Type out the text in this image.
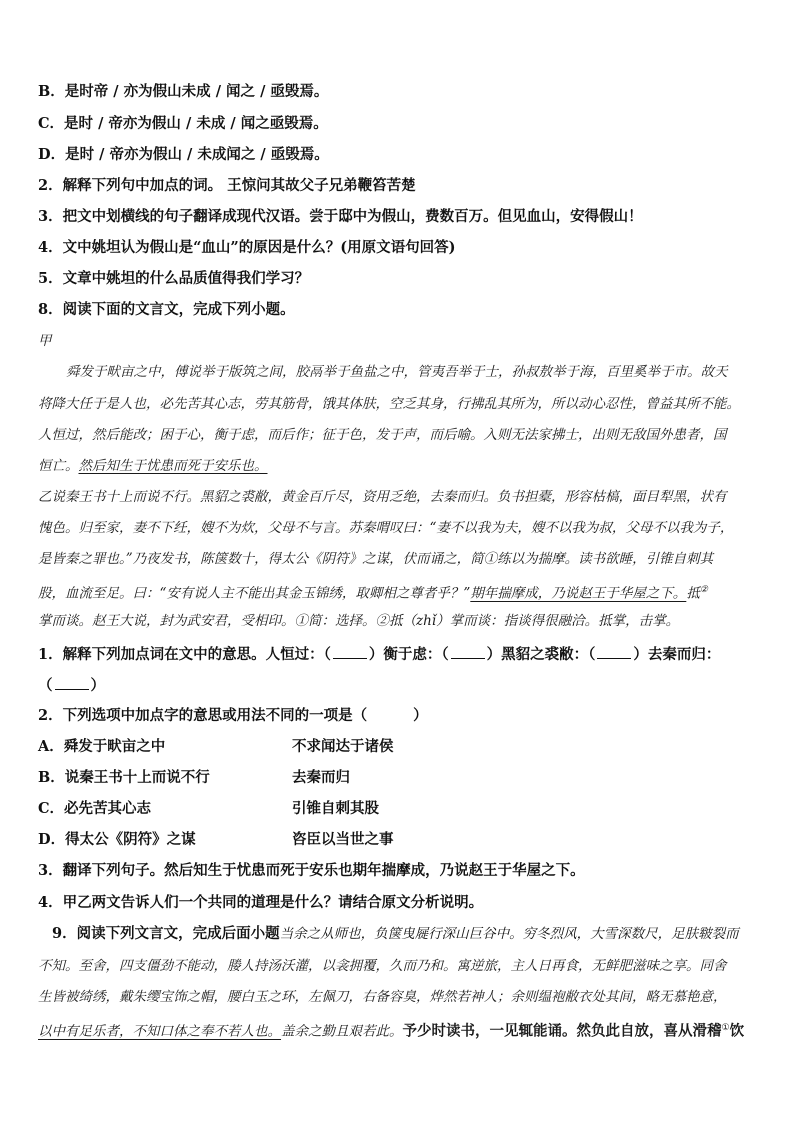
B．是时帝 / 亦为假山未成 / 闻之 / 亟毁焉。
C．是时 / 帝亦为假山 / 未成 / 闻之亟毁焉。
D．是时 / 帝亦为假山 / 未成闻之 / 亟毁焉。
2．解释下列句中加点的词。 王惊问其故父子兄弟鞭笞苦楚
3．把文中划横线的句子翻译成现代汉语。尝于邸中为假山，费数百万。但见血山，安得假山！
4．文中姚坦认为假山是“血山”的原因是什么？(用原文语句回答)
5．文章中姚坦的什么品质值得我们学习？
8．阅读下面的文言文，完成下列小题。
甲
舜发于畎亩之中，傅说举于版筑之间，胶鬲举于鱼盐之中，管夷吾举于士，孙叔敖举于海，百里奚举于市。故天
将降大任于是人也，必先苦其心志，劳其筋骨，饿其体肤，空乏其身，行拂乱其所为，所以动心忍性，曾益其所不能。
人恒过，然后能改；困于心，衡于虑，而后作；征于色，发于声，而后喻。入则无法家拂士，出则无敌国外患者，国
恒亡。然后知生于忧患而死于安乐也。
乙说秦王书十上而说不行。黑貂之裘敝，黄金百斤尽，资用乏绝，去秦而归。负书担橐，形容枯槁，面目犁黑，状有
愧色。归至家，妻不下纴，嫂不为炊，父母不与言。苏秦喟叹曰：“妻不以我为夫，嫂不以我为叔，父母不以我为子，
是皆秦之罪也。”乃夜发书，陈箧数十，得太公《阴符》之谋，伏而诵之，简①练以为揣摩。读书欲睡，引锥自刺其
股，血流至足。曰：“安有说人主不能出其金玉锦绣，取卿相之尊者乎？”期年揣摩成，乃说赵王于华屋之下。抵②
掌而谈。赵王大说，封为武安君，受相印。①简：选择。②抵（zhǐ）掌而谈：指谈得很融洽。抵掌，击掌。
1．解释下列加点词在文中的意思。人恒过：（	）衡于虑：（	）黑貂之裘敝：（	）去秦而归：
（	）
2．下列选项中加点字的意思或用法不同的一项是（	）
A．舜发于畎亩之中	不求闻达于诸侯
B．说秦王书十上而说不行	去秦而归
C．必先苦其心志	引锥自刺其股
D．得太公《阴符》之谋	咨臣以当世之事
3．翻译下列句子。然后知生于忧患而死于安乐也期年揣摩成，乃说赵王于华屋之下。
4．甲乙两文告诉人们一个共同的道理是什么？请结合原文分析说明。
9．阅读下列文言文，完成后面小题当余之从师也，负箧曳屣行深山巨谷中。穷冬烈风，大雪深数尺，足肤皲裂而
不知。至舍，四支僵劲不能动，媵人持汤沃灌，以衾拥覆，久而乃和。寓逆旅，主人日再食，无鲜肥滋味之享。同舍
生皆被绮绣，戴朱缨宝饰之帽，腰白玉之环，左佩刀，右备容臭，烨然若神人；余则缊袍敝衣处其间，略无慕艳意，
以中有足乐者，不知口体之奉不若人也。盖余之勤且艰若此。予少时读书，一见辄能诵。然负此自放，喜从滑稽①饮
